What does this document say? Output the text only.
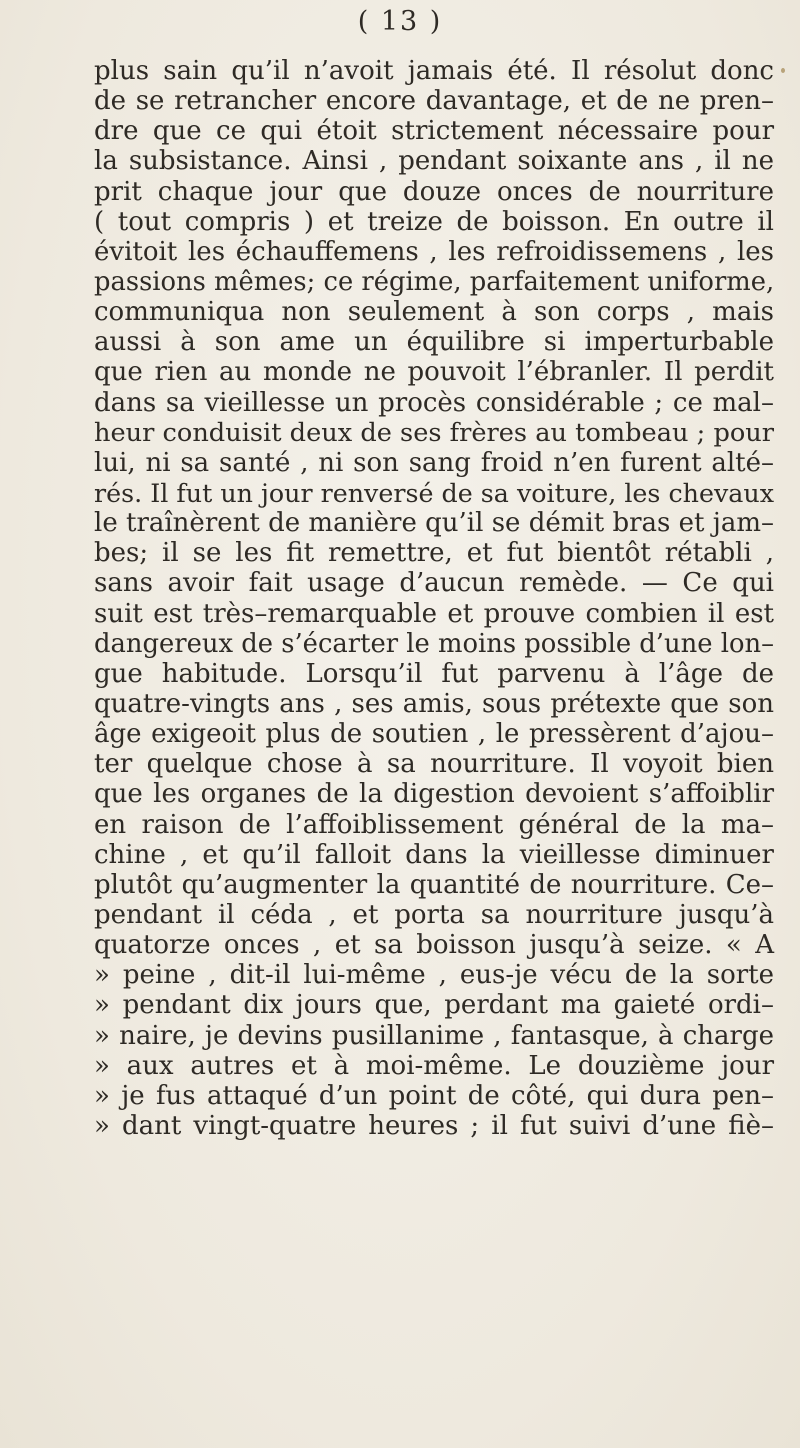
( 13 )
plus sain qu’il n’avoit jamais été. Il résolut donc
de se retrancher encore davantage, et de ne pren–
dre que ce qui étoit strictement nécessaire pour
la subsistance. Ainsi , pendant soixante ans , il ne
prit chaque jour que douze onces de nourriture
( tout compris ) et treize de boisson. En outre il
évitoit les échauffemens , les refroidissemens , les
passions mêmes; ce régime, parfaitement uniforme,
communiqua non seulement à son corps , mais
aussi à son ame un équilibre si imperturbable
que rien au monde ne pouvoit l’ébranler. Il perdit
dans sa vieillesse un procès considérable ; ce mal–
heur conduisit deux de ses frères au tombeau ; pour
lui, ni sa santé , ni son sang froid n’en furent alté–
rés. Il fut un jour renversé de sa voiture, les chevaux
le traînèrent de manière qu’il se démit bras et jam–
bes; il se les fit remettre, et fut bientôt rétabli ,
sans avoir fait usage d’aucun remède. — Ce qui
suit est très–remarquable et prouve combien il est
dangereux de s’écarter le moins possible d’une lon–
gue habitude. Lorsqu’il fut parvenu à l’âge de
quatre-vingts ans , ses amis, sous prétexte que son
âge exigeoit plus de soutien , le pressèrent d’ajou–
ter quelque chose à sa nourriture. Il voyoit bien
que les organes de la digestion devoient s’affoiblir
en raison de l’affoiblissement général de la ma–
chine , et qu’il falloit dans la vieillesse diminuer
plutôt qu’augmenter la quantité de nourriture. Ce–
pendant il céda , et porta sa nourriture jusqu’à
quatorze onces , et sa boisson jusqu’à seize. « A
» peine , dit-il lui-même , eus-je vécu de la sorte
» pendant dix jours que, perdant ma gaieté ordi–
» naire, je devins pusillanime , fantasque, à charge
» aux autres et à moi-même. Le douzième jour
» je fus attaqué d’un point de côté, qui dura pen–
» dant vingt-quatre heures ; il fut suivi d’une fiè–
